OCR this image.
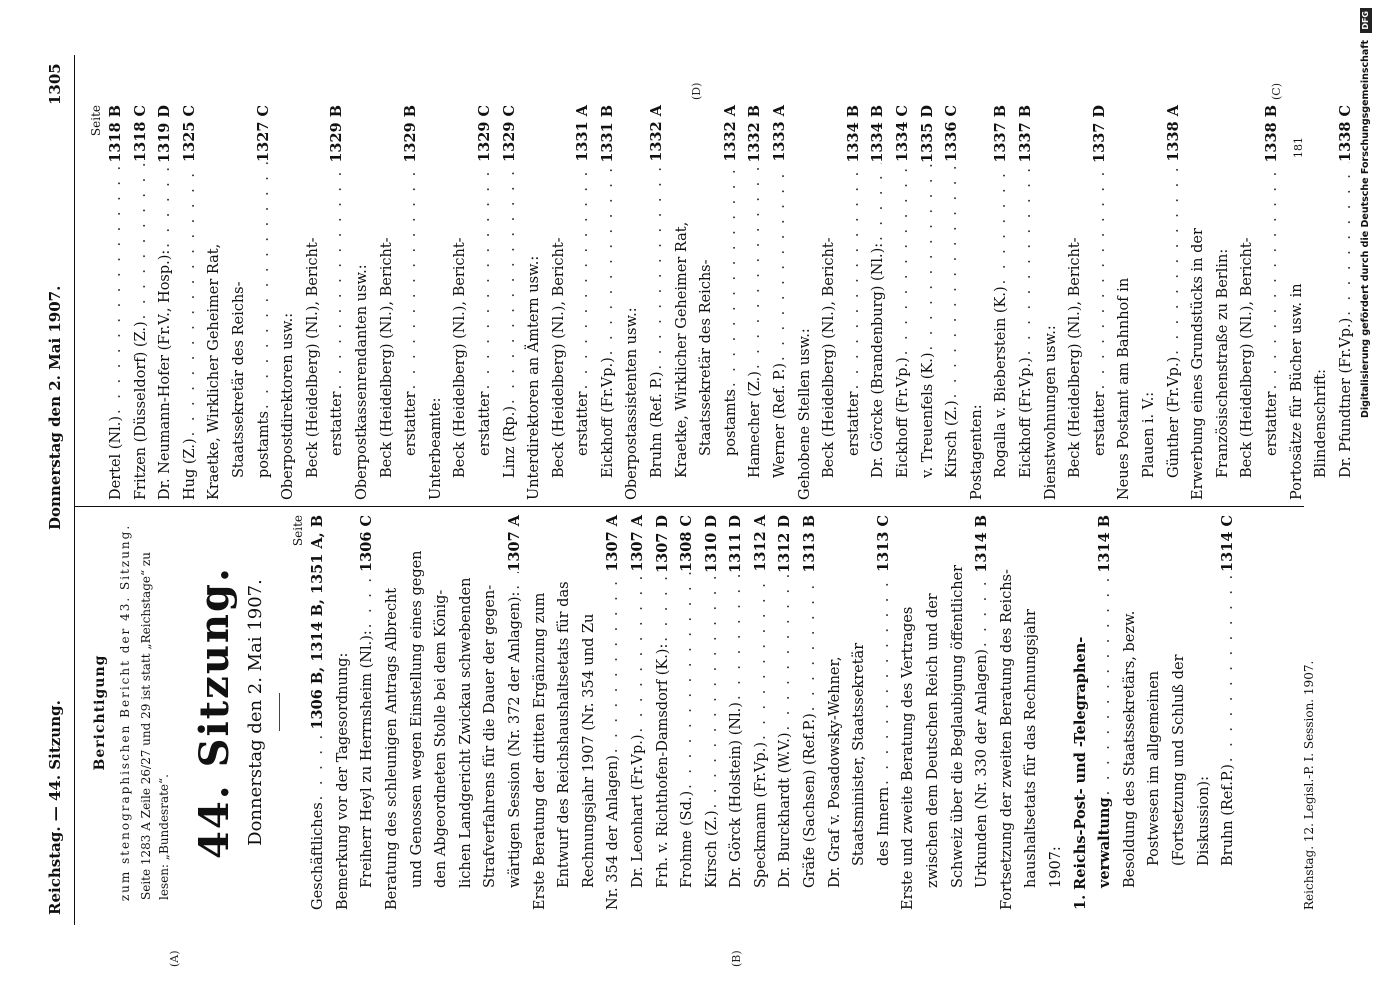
Reichstag. — 44. Sitzung.
Donnerstag den 2. Mai 1907.
1305
(A)	(B)
(C)
(D)
Berichtigung zum stenographischen Bericht der 43. Sitzung. Seite 1283 A Zeile 26/27 und 29 ist statt „Reichstage“ zu lesen: „Bundesrate“. 44. Sitzung. Donnerstag den 2. Mai 1907.
Seite
Geschäftliches
. . .
1306 B, 1314 B, 1351 A, B
Bemerkung vor der Tagesordnung: Freiherr Heyl zu Herrnsheim (Nl.):
. . .
1306 C
Beratung des schleunigen Antrags Albrecht und Genossen wegen Einstellung eines gegen den Abgeordneten Stolle bei dem König- lichen Landgericht Zwickau schwebenden Strafverfahrens für die Dauer der gegen- wärtigen Session (Nr. 372 der Anlagen):
. . .
1307 A
Erste Beratung der dritten Ergänzung zum Entwurf des Reichshaushaltsetats für das Rechnungsjahr 1907 (Nr. 354 und Zu Nr. 354 der Anlagen)
. . .
1307 A
Dr. Leonhart (Fr.Vp.)
. . .
1307 A
Frh. v. Richthofen-Damsdorf (K.):
. . .
1307 D
Frohme (Sd.)
. . .
1308 C
Kirsch (Z.)
. . .
1310 D
Dr. Görck (Holstein) (Nl.)
. . .
1311 D
Speckmann (Fr.Vp.)
. . .
1312 A
Dr. Burckhardt (W.V.)
. . .
1312 D
Gräfe (Sachsen) (Ref.P.)
. . .
1313 B
Dr. Graf v. Posadowsky-Wehner, Staatsminister, Staatssekretär des Innern
. . .
1313 C
Erste und zweite Beratung des Vertrages zwischen dem Deutschen Reich und der Schweiz über die Beglaubigung öffentlicher Urkunden (Nr. 330 der Anlagen)
. . .
1314 B
Fortsetzung der zweiten Beratung des Reichs- haushaltsetats für das Rechnungsjahr 1907: 1. Reichs-Post- und -Telegraphen- verwaltung
. . .
1314 B
Besoldung des Staatssekretärs, bezw. Postwesen im allgemeinen (Fortsetzung und Schluß der Diskussion): Bruhn (Ref.P.)
. . .
1314 C
Seite
Dertel (Nl.)
. . .
1318 B
Fritzen (Düsseldorf) (Z.)
. . .
1318 C
Dr. Neumann-Hofer (Fr.V., Hosp.):
. . .
1319 D
Hug (Z.)
. . .
1325 C
Kraetke, Wirklicher Geheimer Rat, Staatssekretär des Reichs- postamts
. . .
1327 C
Oberpostdirektoren usw.: Beck (Heidelberg) (Nl.), Bericht- erstatter
. . .
1329 B
Oberpostkassenrendanten usw.: Beck (Heidelberg) (Nl.), Bericht- erstatter
. . .
1329 B
Unterbeamte: Beck (Heidelberg) (Nl.), Bericht- erstatter
. . .
1329 C
Linz (Rp.)
. . .
1329 C
Unterdirektoren an Ämtern usw.: Beck (Heidelberg) (Nl.), Bericht- erstatter
. . .
1331 A
Eickhoff (Fr.Vp.)
. . .
1331 B
Oberpostassistenten usw.: Bruhn (Ref. P.)
. . .
1332 A
Kraetke, Wirklicher Geheimer Rat, Staatssekretär des Reichs- postamts
. . .
1332 A
Hamecher (Z.)
. . .
1332 B
Werner (Ref. P.)
. . .
1333 A
Gehobene Stellen usw.: Beck (Heidelberg) (Nl.), Bericht- erstatter
. . .
1334 B
Dr. Görcke (Brandenburg) (Nl.):
. . .
1334 B
Eickhoff (Fr.Vp.)
. . .
1334 C
v. Treuenfels (K.)
. . .
1335 D
Kirsch (Z.)
. . .
1336 C
Postagenten: Rogalla v. Bieberstein (K.)
. . .
1337 B
Eickhoff (Fr.Vp.)
. . .
1337 B
Dienstwohnungen usw.: Beck (Heidelberg) (Nl.), Bericht- erstatter
. . .
1337 D
Neues Postamt am Bahnhof in Plauen i. V.: Günther (Fr.Vp.)
. . .
1338 A
Erwerbung eines Grundstücks in der Französischenstraße zu Berlin: Beck (Heidelberg) (Nl.), Bericht- erstatter
. . .
1338 B
Portosätze für Bücher usw. in Blindenschrift: Dr. Pfundtner (Fr.Vp.)
. . .
1338 C
Reichstag. 12. Legisl.-P. I. Session. 1907.
181	Digitalisierung gefördert durch die Deutsche Forschungsgemeinschaft DFG
